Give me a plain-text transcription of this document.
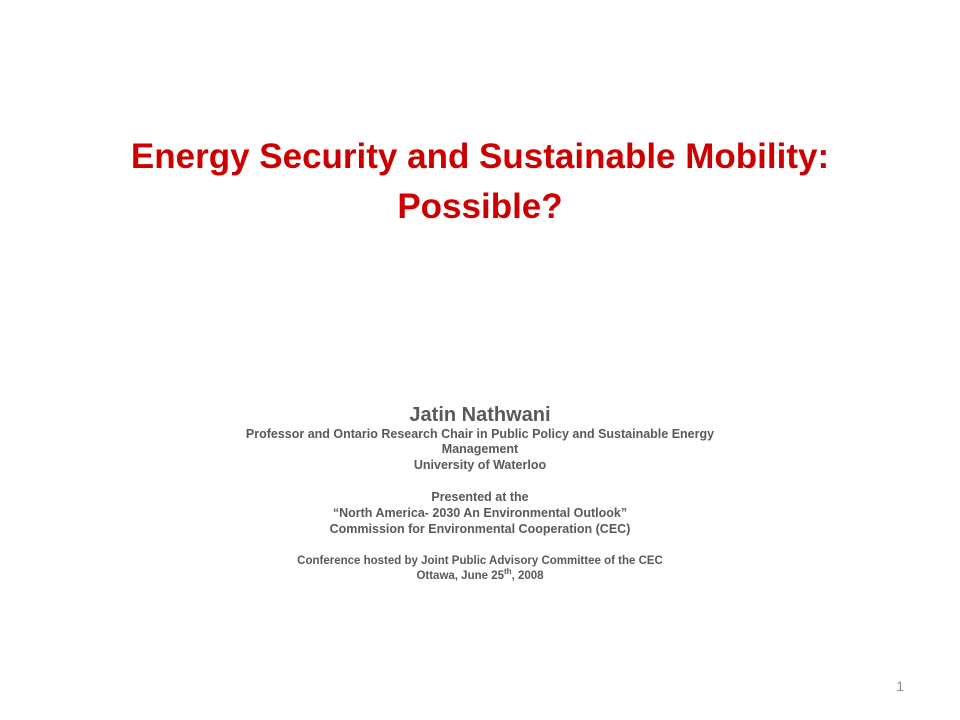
Energy Security and Sustainable Mobility:
Possible?
Jatin Nathwani
Professor and Ontario Research Chair in Public Policy and Sustainable Energy
Management
University of Waterloo
Presented at the
“North America- 2030 An Environmental Outlook”
Commission for Environmental Cooperation (CEC)
Conference hosted by Joint Public Advisory Committee of the CEC
Ottawa, June 25th, 2008
1
